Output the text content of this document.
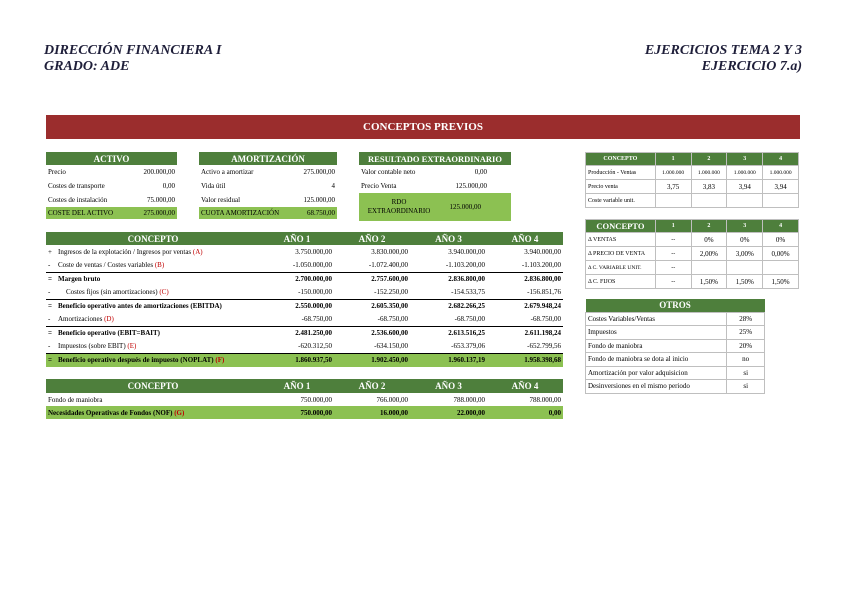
DIRECCIÓN FINANCIERA I
GRADO: ADE
EJERCICIOS TEMA 2 Y 3
EJERCICIO 7.a)
CONCEPTOS PREVIOS
ACTIVO	
Precio	200.000,00
Costes de transporte	0,00
Costes de instalación	75.000,00
COSTE DEL ACTIVO	275.000,00
AMORTIZACIÓN	
Activo a amortizar	275.000,00
Vida útil	4
Valor residual	125.000,00
CUOTA AMORTIZACIÓN	68.750,00
RESULTADO EXTRAORDINARIO	
Valor contable neto	0,00
Precio Venta	125.000,00

RDO
EXTRAORDINARIO	125.000,00
CONCEPTO	AÑO 1	AÑO 2	AÑO 3	AÑO 4
+ Ingresos de la explotación / Ingresos por ventas (A)	3.750.000,00	3.830.000,00	3.940.000,00	3.940.000,00
- Coste de ventas / Costes variables (B)	-1.050.000,00	-1.072.400,00	-1.103.200,00	-1.103.200,00
= Margen bruto	2.700.000,00	2.757.600,00	2.836.800,00	2.836.800,00
- Costes fijos (sin amortizaciones) (C)	-150.000,00	-152.250,00	-154.533,75	-156.851,76
= Beneficio operativo antes de amortizaciones (EBITDA)	2.550.000,00	2.605.350,00	2.682.266,25	2.679.948,24
- Amortizaciones (D)	-68.750,00	-68.750,00	-68.750,00	-68.750,00
= Beneficio operativo (EBIT=BAIT)	2.481.250,00	2.536.600,00	2.613.516,25	2.611.198,24
- Impuestos (sobre EBIT) (E)	-620.312,50	-634.150,00	-653.379,06	-652.799,56
= Beneficio operativo después de impuesto (NOPLAT) (F)	1.860.937,50	1.902.450,00	1.960.137,19	1.958.398,68
CONCEPTO	AÑO 1	AÑO 2	AÑO 3	AÑO 4
Fondo de maniobra	750.000,00	766.000,00	788.000,00	788.000,00
Necesidades Operativas de Fondos (NOF) (G)	750.000,00	16.000,00	22.000,00	0,00
CONCEPTO	1	2	3	4
Producción - Ventas	1.000.000	1.000.000	1.000.000	1.000.000
Precio venta	3,75	3,83	3,94	3,94
Coste variable unit.				
CONCEPTO	1	2	3	4
Δ VENTAS	--	0%	0%	0%
Δ PRECIO DE VENTA	--	2,00%	3,00%	0,00%
Δ C. VARIABLE UNIT.	--			
Δ C. FIJOS	--	1,50%	1,50%	1,50%
OTROS	
Costes Variables/Ventas	28%
Impuestos	25%
Fondo de maniobra	20%
Fondo de maniobra se dota al inicio	no
Amortización por valor adquisicion	si
Desinversiones en el mismo periodo	si
